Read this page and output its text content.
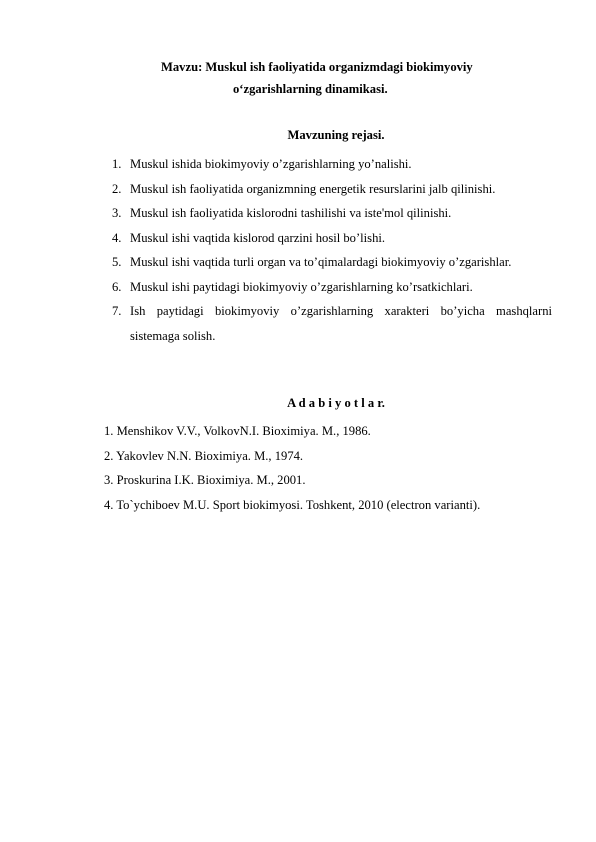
Mavzu: Muskul ish faoliyatida organizmdagi biokimyoviy
o‘zgarishlarning dinamikasi.
Mavzuning rejasi.
1. Muskul ishida biokimyoviy o’zgarishlarning yo’nalishi.
2. Muskul ish faoliyatida organizmning energetik resurslarini jalb qilinishi.
3. Muskul ish faoliyatida kislorodni tashilishi va iste'mol qilinishi.
4. Muskul ishi vaqtida kislorod qarzini hosil bo’lishi.
5. Muskul ishi vaqtida turli organ va to’qimalardagi biokimyoviy o’zgarishlar.
6. Muskul ishi paytidagi biokimyoviy o’zgarishlarning ko’rsatkichlari.
7. Ish paytidagi biokimyoviy o’zgarishlarning xarakteri bo’yicha mashqlarni sistemaga solish.
A d a b i y o t l a r.
1. Menshikov V.V., VolkovN.I. Bioximiya. M., 1986.
2. Yakovlev N.N. Bioximiya. M., 1974.
3. Proskurina I.K. Bioximiya. M., 2001.
4. To`ychiboev M.U. Sport biokimyosi. Toshkent, 2010 (electron varianti).
